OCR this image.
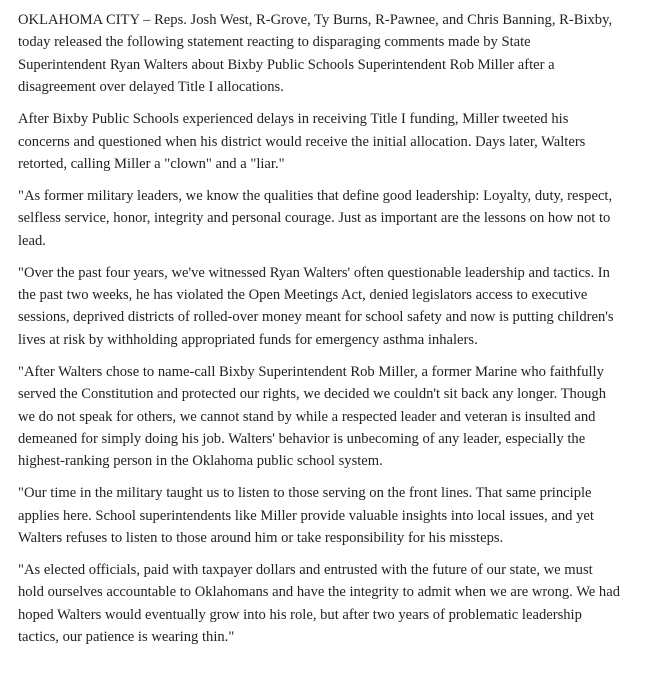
OKLAHOMA CITY – Reps. Josh West, R-Grove, Ty Burns, R-Pawnee, and Chris Banning, R-Bixby, today released the following statement reacting to disparaging comments made by State Superintendent Ryan Walters about Bixby Public Schools Superintendent Rob Miller after a disagreement over delayed Title I allocations.

After Bixby Public Schools experienced delays in receiving Title I funding, Miller tweeted his concerns and questioned when his district would receive the initial allocation. Days later, Walters retorted, calling Miller a "clown" and a "liar."

"As former military leaders, we know the qualities that define good leadership: Loyalty, duty, respect, selfless service, honor, integrity and personal courage. Just as important are the lessons on how not to lead.

"Over the past four years, we've witnessed Ryan Walters' often questionable leadership and tactics. In the past two weeks, he has violated the Open Meetings Act, denied legislators access to executive sessions, deprived districts of rolled-over money meant for school safety and now is putting children's lives at risk by withholding appropriated funds for emergency asthma inhalers.

"After Walters chose to name-call Bixby Superintendent Rob Miller, a former Marine who faithfully served the Constitution and protected our rights, we decided we couldn't sit back any longer. Though we do not speak for others, we cannot stand by while a respected leader and veteran is insulted and demeaned for simply doing his job. Walters' behavior is unbecoming of any leader, especially the highest-ranking person in the Oklahoma public school system.

"Our time in the military taught us to listen to those serving on the front lines. That same principle applies here. School superintendents like Miller provide valuable insights into local issues, and yet Walters refuses to listen to those around him or take responsibility for his missteps.

"As elected officials, paid with taxpayer dollars and entrusted with the future of our state, we must hold ourselves accountable to Oklahomans and have the integrity to admit when we are wrong. We had hoped Walters would eventually grow into his role, but after two years of problematic leadership tactics, our patience is wearing thin."
